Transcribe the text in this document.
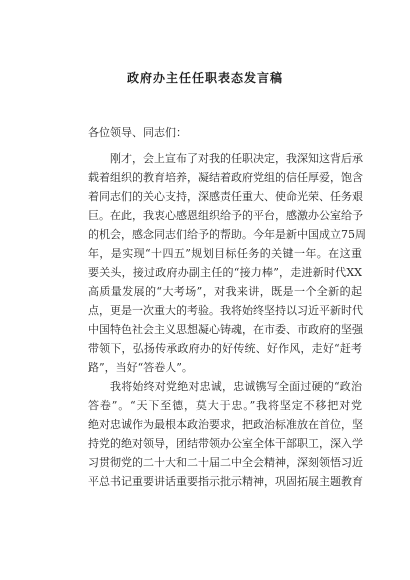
政府办主任任职表态发言稿
各位领导、同志们：
刚才，会上宣布了对我的任职决定，我深知这背后承
载着组织的教育培养，凝结着政府党组的信任厚爱，饱含
着同志们的关心支持，深感责任重大、使命光荣、任务艰
巨。在此，我衷心感恩组织给予的平台，感激办公室给予
的机会，感念同志们给予的帮助。今年是新中国成立75周
年，是实现“十四五”规划目标任务的关键一年。在这重
要关头，接过政府办副主任的“接力棒”，走进新时代XX
高质量发展的“大考场”，对我来讲，既是一个全新的起
点，更是一次重大的考验。我将始终坚持以习近平新时代
中国特色社会主义思想凝心铸魂，在市委、市政府的坚强
带领下，弘扬传承政府办的好传统、好作风，走好“赶考
路”，当好“答卷人”。
我将始终对党绝对忠诚，忠诚镌写全面过硬的“政治
答卷”。“天下至德，莫大于忠。”我将坚定不移把对党
绝对忠诚作为最根本政治要求，把政治标准放在首位，坚
持党的绝对领导，团结带领办公室全体干部职工，深入学
习贯彻党的二十大和二十届二中全会精神，深刻领悟习近
平总书记重要讲话重要指示批示精神，巩固拓展主题教育
